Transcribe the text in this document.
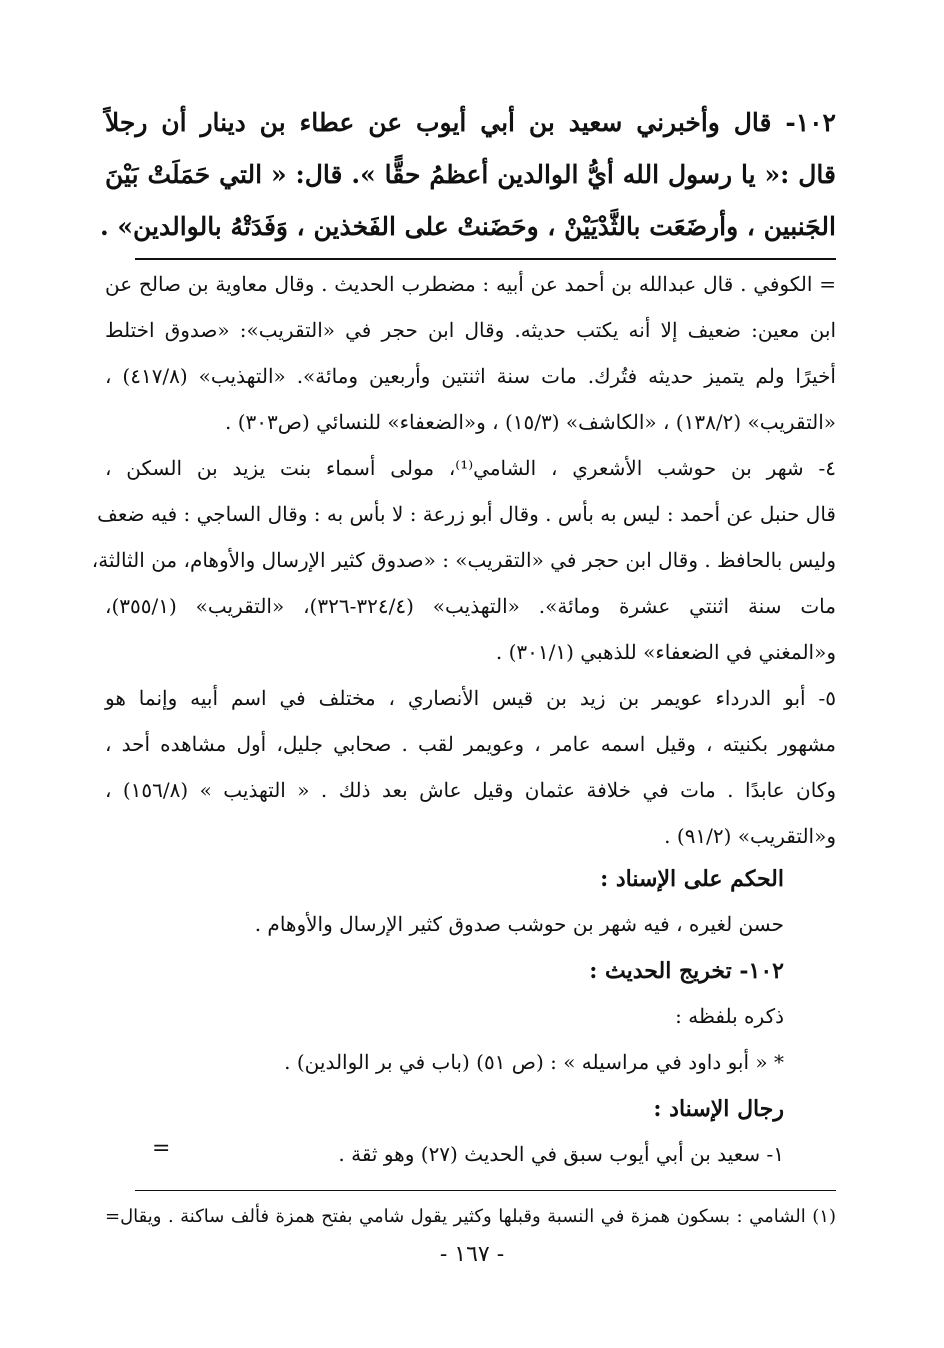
١٠٢- قال وأخبرني سعيد بن أبي أيوب عن عطاء بن دينار أن رجلاً
قال :« يا رسول الله أيُّ الوالدين أعظمُ حقًّا ». قال: « التي حَمَلَتْ بَيْنَ
الجَنبين ، وأرضَعَت بالثَّدْيَيْنْ ، وحَضَنتْ على الفَخذين ، وَفَدَتْهُ بالوالدين» .
= الكوفي . قال عبدالله بن أحمد عن أبيه : مضطرب الحديث . وقال معاوية بن صالح عن
ابن معين: ضعيف إلا أنه يكتب حديثه. وقال ابن حجر في «التقريب»: «صدوق اختلط
أخيرًا ولم يتميز حديثه فتُرك. مات سنة اثنتين وأربعين ومائة». «التهذيب» (٤١٧/٨) ،
«التقريب» (١٣٨/٢) ، «الكاشف» (١٥/٣) ، و«الضعفاء» للنسائي (ص٣٠٣) .
٤- شهر بن حوشب الأشعري ، الشامي⁽¹⁾، مولى أسماء بنت يزيد بن السكن ،
قال حنبل عن أحمد : ليس به بأس . وقال أبو زرعة : لا بأس به : وقال الساجي : فيه ضعف
وليس بالحافظ . وقال ابن حجر في «التقريب» : «صدوق كثير الإرسال والأوهام، من الثالثة،
مات سنة اثنتي عشرة ومائة». «التهذيب» (٣٢٤/٤-٣٢٦)، «التقريب» (٣٥٥/١)،
و«المغني في الضعفاء» للذهبي (٣٠١/١) .
٥- أبو الدرداء عويمر بن زيد بن قيس الأنصاري ، مختلف في اسم أبيه وإنما هو
مشهور بكنيته ، وقيل اسمه عامر ، وعويمر لقب . صحابي جليل، أول مشاهده أحد ،
وكان عابدًا . مات في خلافة عثمان وقيل عاش بعد ذلك . « التهذيب » (١٥٦/٨) ،
و«التقريب» (٩١/٢) .
الحكم على الإسناد :
حسن لغيره ، فيه شهر بن حوشب صدوق كثير الإرسال والأوهام .
١٠٢- تخريج الحديث :
ذكره بلفظه :
* « أبو داود في مراسيله » : (ص ٥١) (باب في بر الوالدين) .
رجال الإسناد :
١- سعيد بن أبي أيوب سبق في الحديث (٢٧) وهو ثقة .
=
(١) الشامي : بسكون همزة في النسبة وقبلها وكثير يقول شامي بفتح همزة فألف ساكنة . ويقال=
- ١٦٧ -
